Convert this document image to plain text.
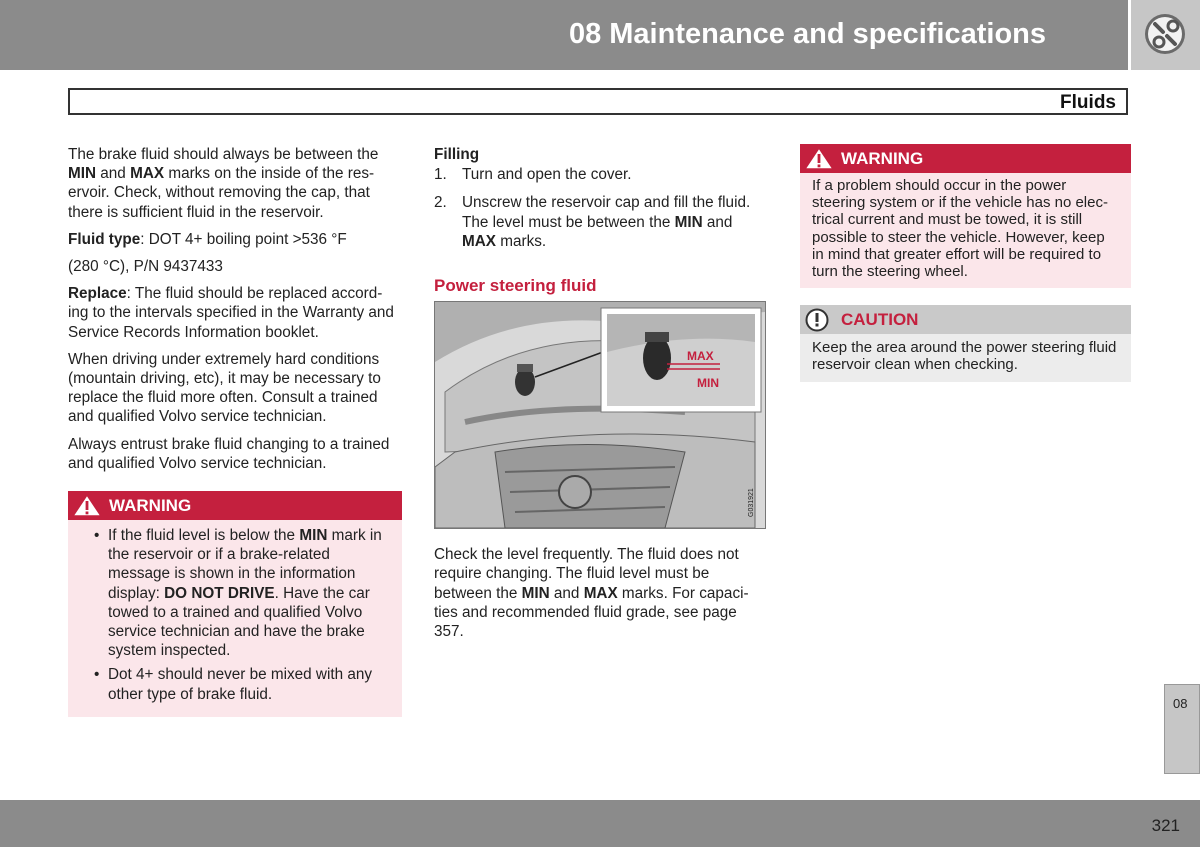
08 Maintenance and specifications
Fluids

The brake fluid should always be between the MIN and MAX marks on the inside of the res-ervoir. Check, without removing the cap, that there is sufficient fluid in the reservoir.

Fluid type: DOT 4+ boiling point >536 °F

(280 °C), P/N 9437433

Replace: The fluid should be replaced accord-ing to the intervals specified in the Warranty and Service Records Information booklet.

When driving under extremely hard conditions (mountain driving, etc), it may be necessary to replace the fluid more often. Consult a trained and qualified Volvo service technician.

Always entrust brake fluid changing to a trained and qualified Volvo service technician.

WARNING
• If the fluid level is below the MIN mark in the reservoir or if a brake-related message is shown in the information display: DO NOT DRIVE. Have the car towed to a trained and qualified Volvo service technician and have the brake system inspected.
• Dot 4+ should never be mixed with any other type of brake fluid.
Filling
1. Turn and open the cover.
2. Unscrew the reservoir cap and fill the fluid. The level must be between the MIN and MAX marks.
Power steering fluid
MAX
MIN
G031921

Check the level frequently. The fluid does not require changing. The fluid level must be between the MIN and MAX marks. For capaci-ties and recommended fluid grade, see page 357.

WARNING
If a problem should occur in the power steering system or if the vehicle has no elec-trical current and must be towed, it is still possible to steer the vehicle. However, keep in mind that greater effort will be required to turn the steering wheel.
CAUTION
Keep the area around the power steering fluid reservoir clean when checking.
08
321
